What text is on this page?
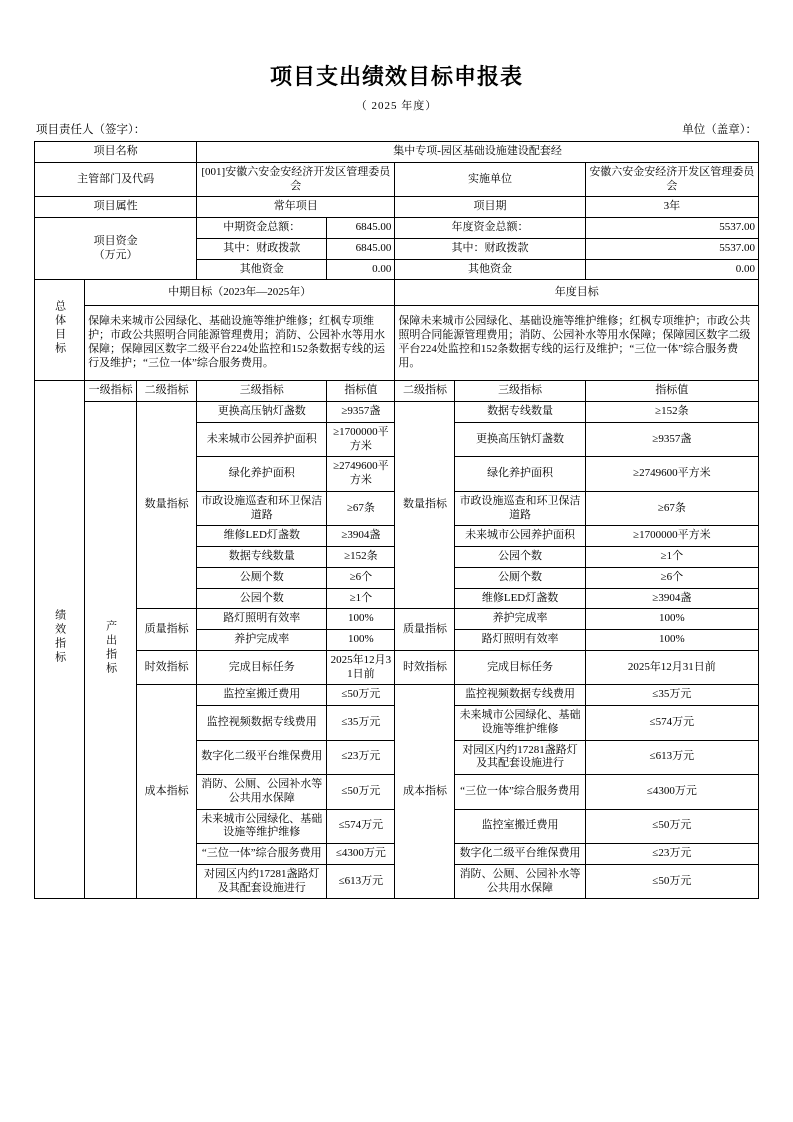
项目支出绩效目标申报表
（ 2025 年度）
项目责任人（签字）：	单位（盖章）：
项目名称			集中专项-园区基础设施建设配套经				
主管部门及代码			[001]安徽六安金安经济开发区管理委员会		实施单位		安徽六安金安经济开发区管理委员会
项目属性			常年项目		项目期		3年

项目资金
（万元）			中期资金总额：	6845.00	年度资金总额：		5537.00
			其中：财政拨款	6845.00	其中：财政拨款		5537.00
			其他资金	0.00	其他资金		0.00
总体目标	中期目标（2023年—2025年）				年度目标		
	保障未来城市公园绿化、基础设施等维护维修；红枫专项维护；市政公共照明合同能源管理费用；消防、公园补水等用水保障；保障园区数字二级平台224处监控和152条数据专线的运行及维护；“三位一体”综合服务费用。				保障未来城市公园绿化、基础设施等维护维修；红枫专项维护；市政公共照明合同能源管理费用；消防、公园补水等用水保障；保障园区数字二级平台224处监控和152条数据专线的运行及维护；“三位一体”综合服务费用。		
绩效指标	一级指标	二级指标	三级指标	指标值	二级指标	三级指标	指标值
	产出指标	数量指标	更换高压钠灯盏数	≥9357盏	数量指标	数据专线数量	≥152条
			未来城市公园养护面积	≥1700000平方米		更换高压钠灯盏数	≥9357盏
			绿化养护面积	≥2749600平方米		绿化养护面积	≥2749600平方米
			市政设施巡查和环卫保洁道路	≥67条		市政设施巡查和环卫保洁道路	≥67条
			维修LED灯盏数	≥3904盏		未来城市公园养护面积	≥1700000平方米
			数据专线数量	≥152条		公园个数	≥1个
			公厕个数	≥6个		公厕个数	≥6个
			公园个数	≥1个		维修LED灯盏数	≥3904盏
		质量指标	路灯照明有效率	100%	质量指标	养护完成率	100%
			养护完成率	100%		路灯照明有效率	100%
		时效指标	完成目标任务	2025年12月31日前	时效指标	完成目标任务	2025年12月31日前
		成本指标	监控室搬迁费用	≤50万元	成本指标	监控视频数据专线费用	≤35万元
			监控视频数据专线费用	≤35万元		未来城市公园绿化、基础设施等维护维修	≤574万元
			数字化二级平台维保费用	≤23万元		对园区内约17281盏路灯及其配套设施进行	≤613万元
			消防、公厕、公园补水等公共用水保障	≤50万元		“三位一体”综合服务费用	≤4300万元
			未来城市公园绿化、基础设施等维护维修	≤574万元		监控室搬迁费用	≤50万元
			“三位一体”综合服务费用	≤4300万元		数字化二级平台维保费用	≤23万元
			对园区内约17281盏路灯及其配套设施进行	≤613万元		消防、公厕、公园补水等公共用水保障	≤50万元
